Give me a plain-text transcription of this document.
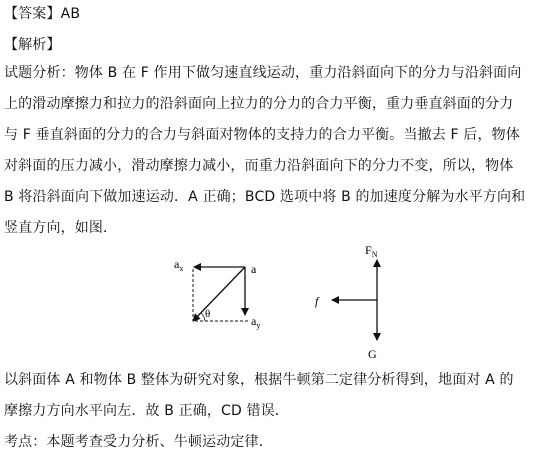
【答案】AB
【解析】
试题分析：物体 B 在 F 作用下做匀速直线运动，重力沿斜面向下的分力与沿斜面向
上的滑动摩擦力和拉力的沿斜面向上拉力的分力的合力平衡，重力垂直斜面的分力
与 F 垂直斜面的分力的合力与斜面对物体的支持力的合力平衡。当撤去 F 后，物体
对斜面的压力减小，滑动摩擦力减小，而重力沿斜面向下的分力不变，所以，物体
B 将沿斜面向下做加速运动．A 正确；BCD 选项中将 B 的加速度分解为水平方向和
竖直方向，如图．
$a_x$	a
θ	$a_y$
$F_N$
f
G
以斜面体 A 和物体 B 整体为研究对象，根据牛顿第二定律分析得到，地面对 A 的
摩擦力方向水平向左．故 B 正确，CD 错误．
考点：本题考查受力分析、牛顿运动定律．
